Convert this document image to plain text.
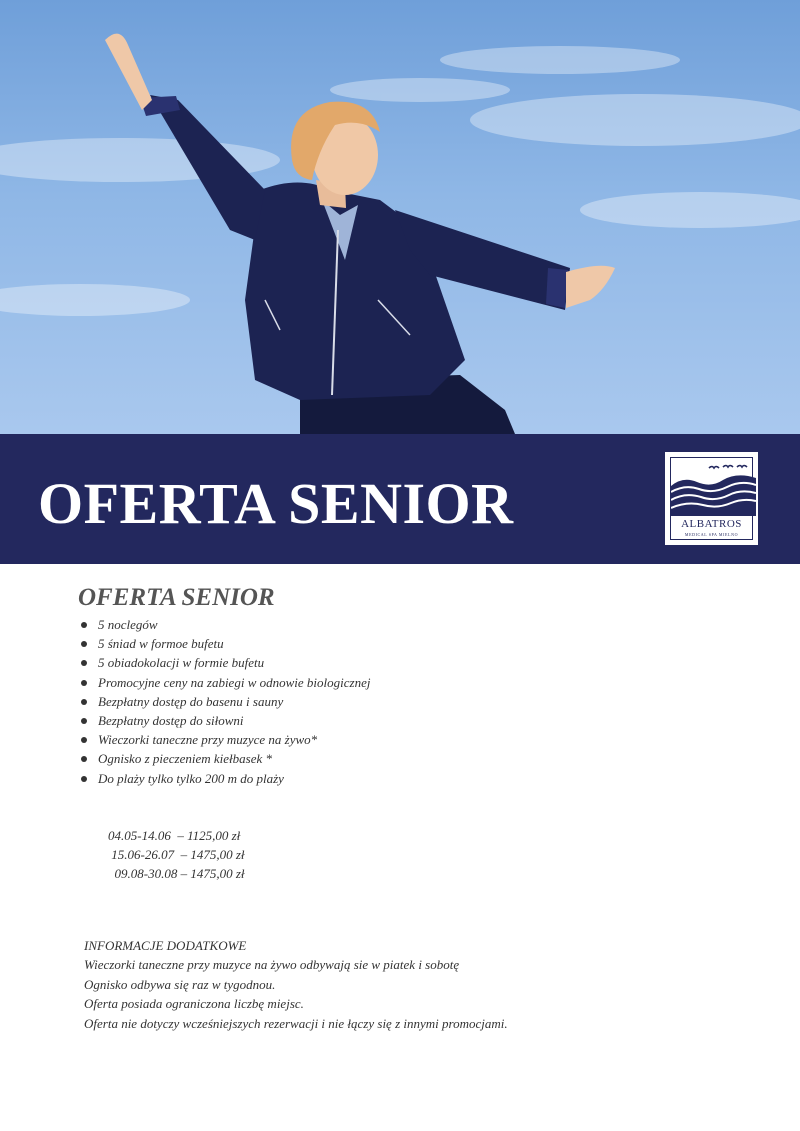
OFERTA SENIOR	ALBATROS
MEDICAL SPA MIELNO
OFERTA SENIOR
5 noclegów
5 śniad w formoe bufetu
5 obiadokolacji w formie bufetu
Promocyjne ceny na zabiegi w odnowie biologicznej
Bezpłatny dostęp do basenu i sauny
Bezpłatny dostęp do siłowni
Wieczorki taneczne przy muzyce na żywo*
Ognisko z pieczeniem kiełbasek *
Do plaży tylko tylko 200 m do plaży
04.05-14.06  – 1125,00 zł
15.06-26.07  – 1475,00 zł
09.08-30.08 – 1475,00 zł
INFORMACJE DODATKOWE
Wieczorki taneczne przy muzyce na żywo odbywają sie w piatek i sobotę
Ognisko odbywa się raz w tygodnou.
Oferta posiada ograniczona liczbę miejsc.
Oferta nie dotyczy wcześniejszych rezerwacji i nie łączy się z innymi promocjami.
